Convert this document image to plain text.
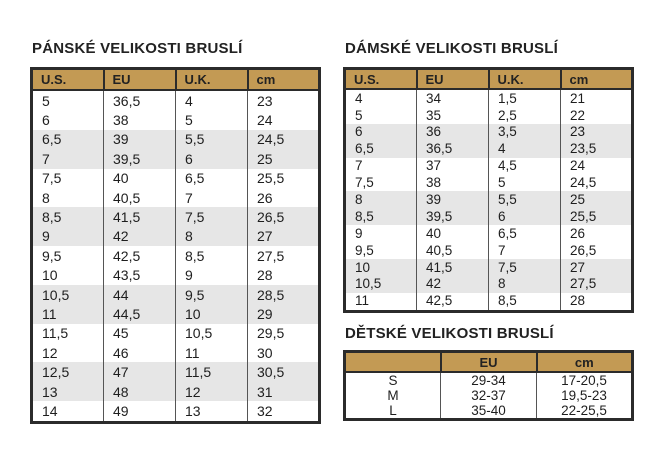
PÁNSKÉ VELIKOSTI BRUSLÍ
U.S.	EU	U.K.	cm
5	36,5	4	23
6	38	5	24
6,5	39	5,5	24,5
7	39,5	6	25
7,5	40	6,5	25,5
8	40,5	7	26
8,5	41,5	7,5	26,5
9	42	8	27
9,5	42,5	8,5	27,5
10	43,5	9	28
10,5	44	9,5	28,5
11	44,5	10	29
11,5	45	10,5	29,5
12	46	11	30
12,5	47	11,5	30,5
13	48	12	31
14	49	13	32
DÁMSKÉ VELIKOSTI BRUSLÍ
U.S.	EU	U.K.	cm
4	34	1,5	21
5	35	2,5	22
6	36	3,5	23
6,5	36,5	4	23,5
7	37	4,5	24
7,5	38	5	24,5
8	39	5,5	25
8,5	39,5	6	25,5
9	40	6,5	26
9,5	40,5	7	26,5
10	41,5	7,5	27
10,5	42	8	27,5
11	42,5	8,5	28
DĚTSKÉ VELIKOSTI BRUSLÍ
	EU	cm
S	29-34	17-20,5
M	32-37	19,5-23
L	35-40	22-25,5
